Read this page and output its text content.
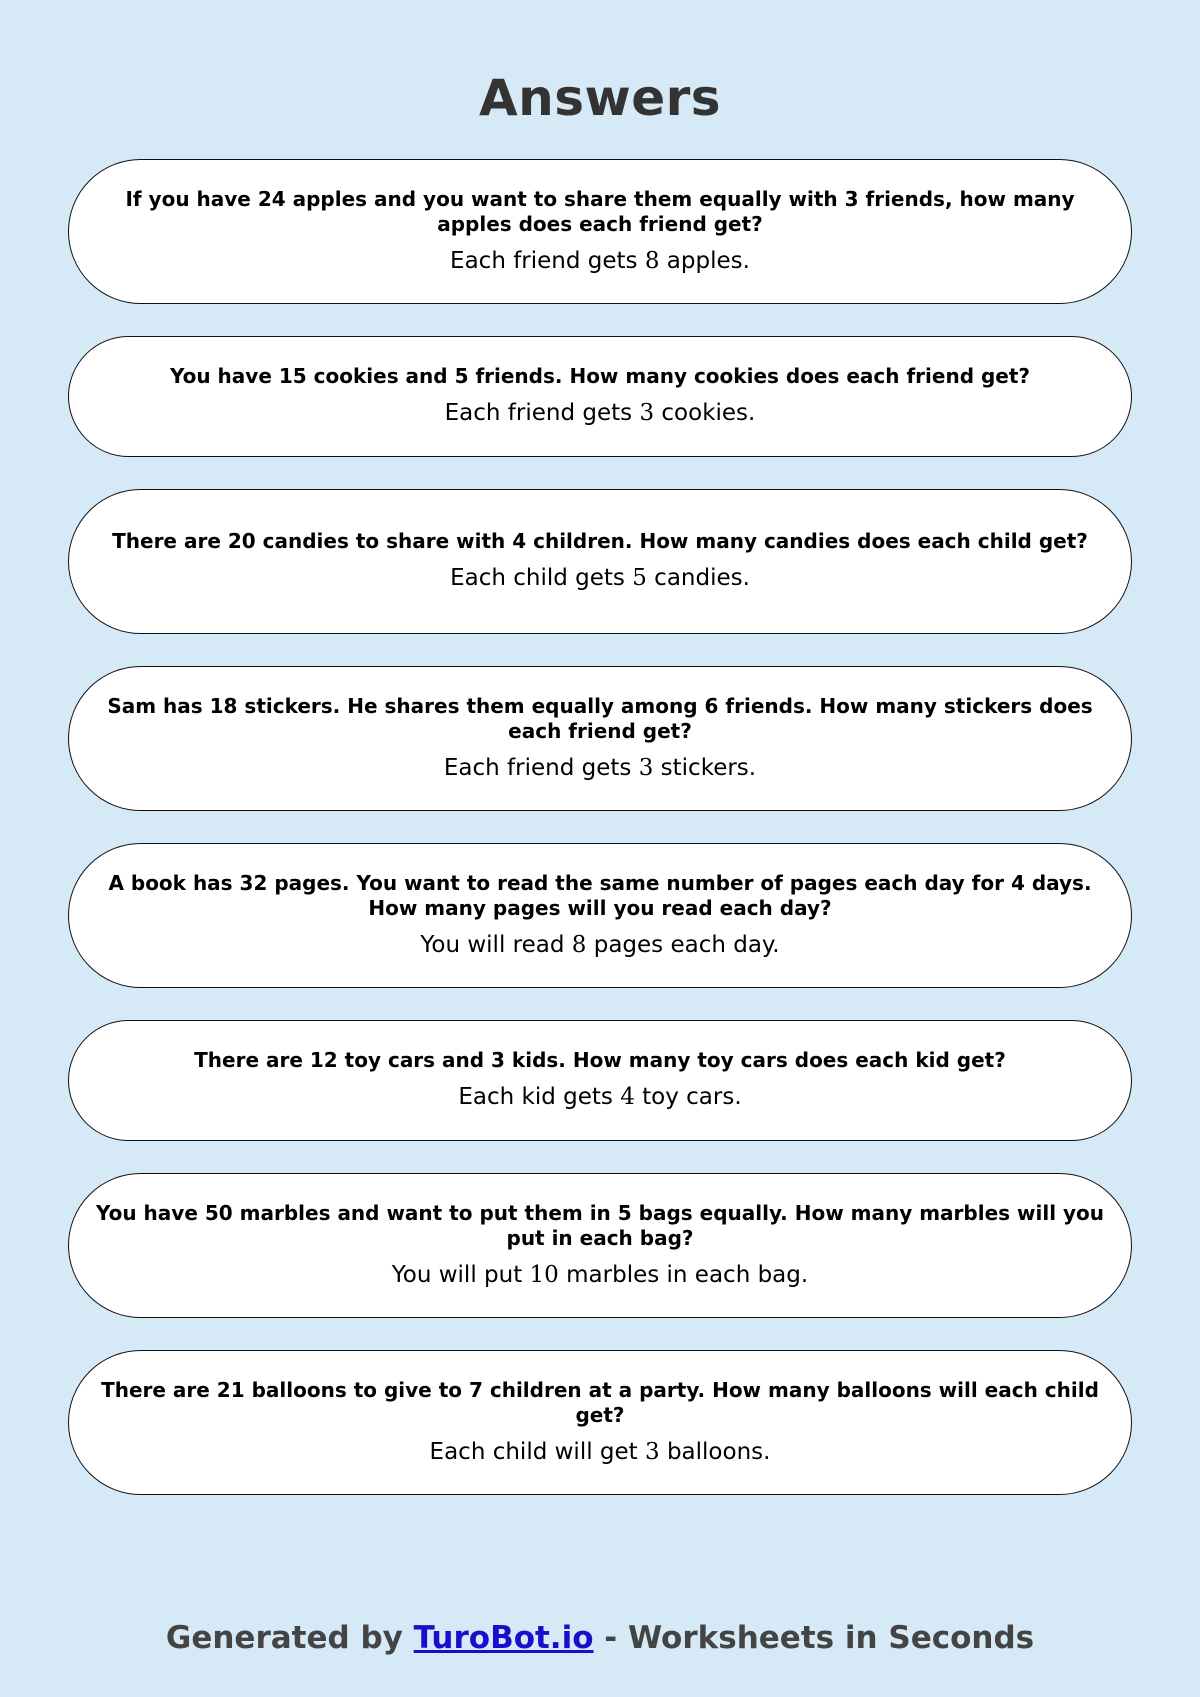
Answers

If you have 24 apples and you want to share them equally with 3 friends, how many apples does each friend get?

Each friend gets 8 apples.

You have 15 cookies and 5 friends. How many cookies does each friend get?

Each friend gets 3 cookies.

There are 20 candies to share with 4 children. How many candies does each child get?

Each child gets 5 candies.

Sam has 18 stickers. He shares them equally among 6 friends. How many stickers does each friend get?

Each friend gets 3 stickers.

A book has 32 pages. You want to read the same number of pages each day for 4 days. How many pages will you read each day?

You will read 8 pages each day.

There are 12 toy cars and 3 kids. How many toy cars does each kid get?

Each kid gets 4 toy cars.

You have 50 marbles and want to put them in 5 bags equally. How many marbles will you put in each bag?

You will put 10 marbles in each bag.

There are 21 balloons to give to 7 children at a party. How many balloons will each child get?

Each child will get 3 balloons.

Generated by TuroBot.io - Worksheets in Seconds
